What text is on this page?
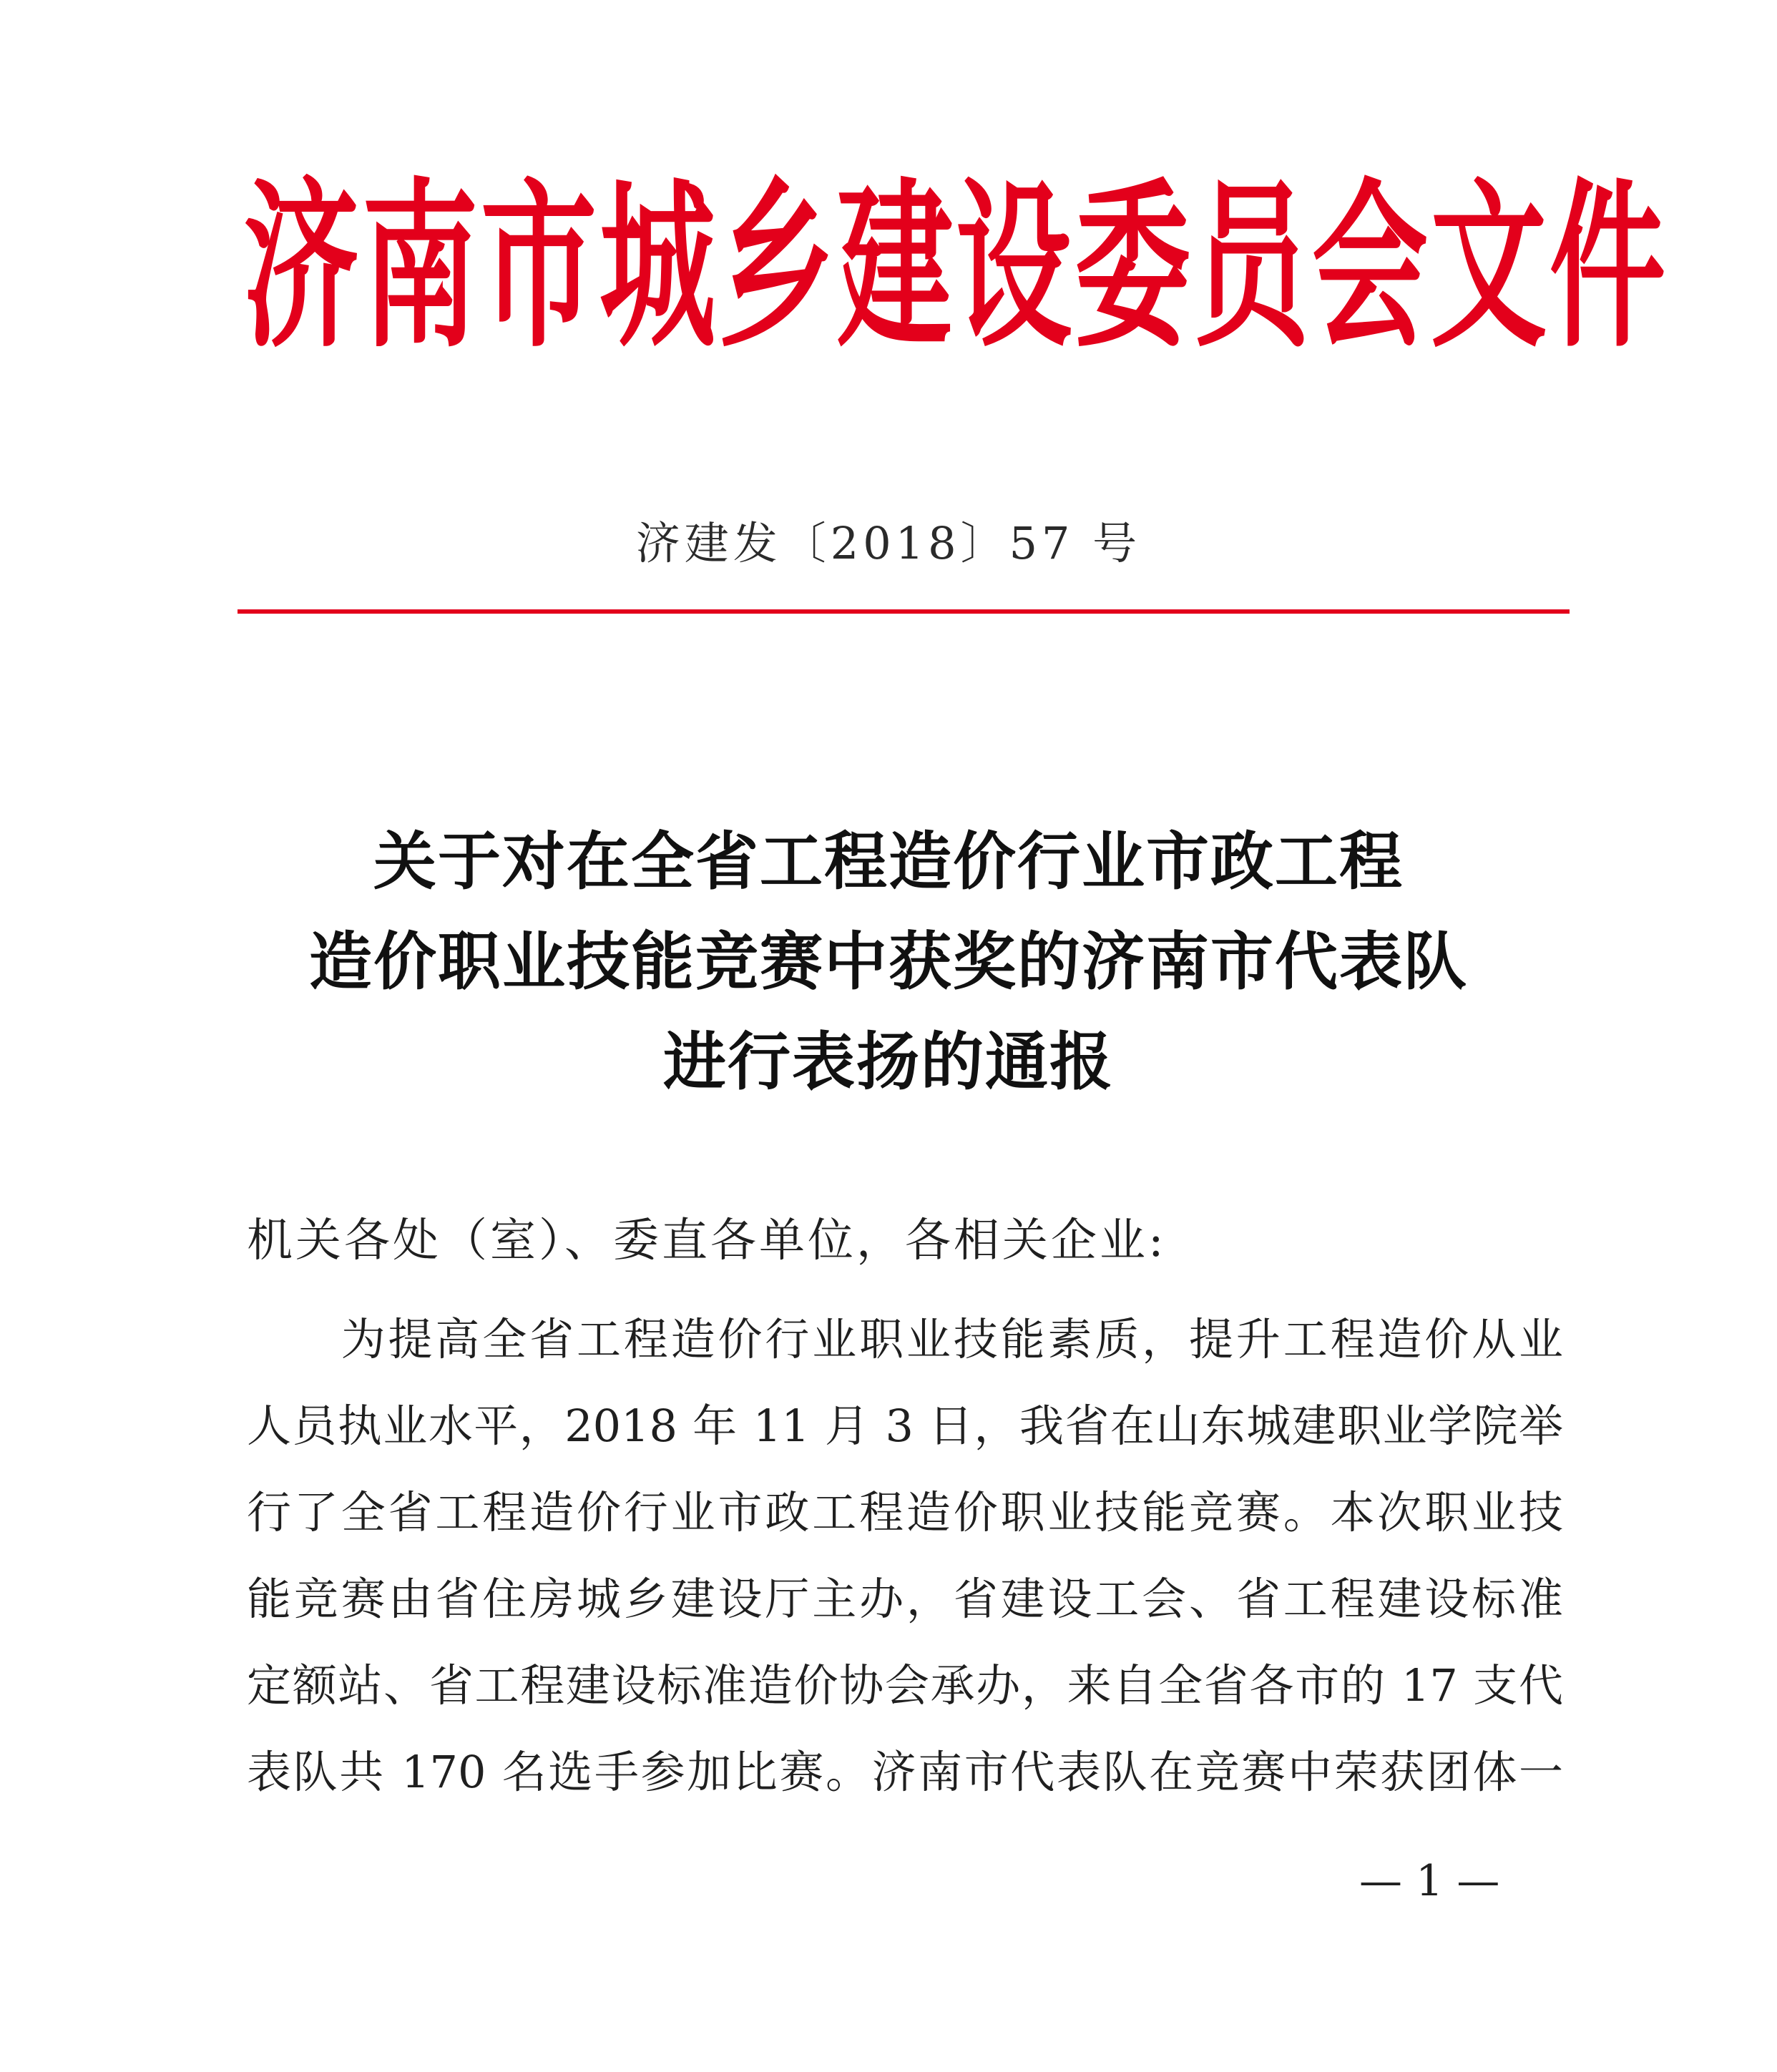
济南市城乡建设委员会文件
济建发〔2018〕57 号
关于对在全省工程造价行业市政工程
造价职业技能竞赛中获奖的济南市代表队
进行表扬的通报
机关各处（室）、委直各单位，各相关企业:
　　为提高全省工程造价行业职业技能素质，提升工程造价从业
人员执业水平，2018 年 11 月 3 日，我省在山东城建职业学院举
行了全省工程造价行业市政工程造价职业技能竞赛。本次职业技
能竞赛由省住房城乡建设厅主办，省建设工会、省工程建设标准
定额站、省工程建设标准造价协会承办，来自全省各市的 17 支代
表队共 170 名选手参加比赛。济南市代表队在竞赛中荣获团体一
— 1 —
